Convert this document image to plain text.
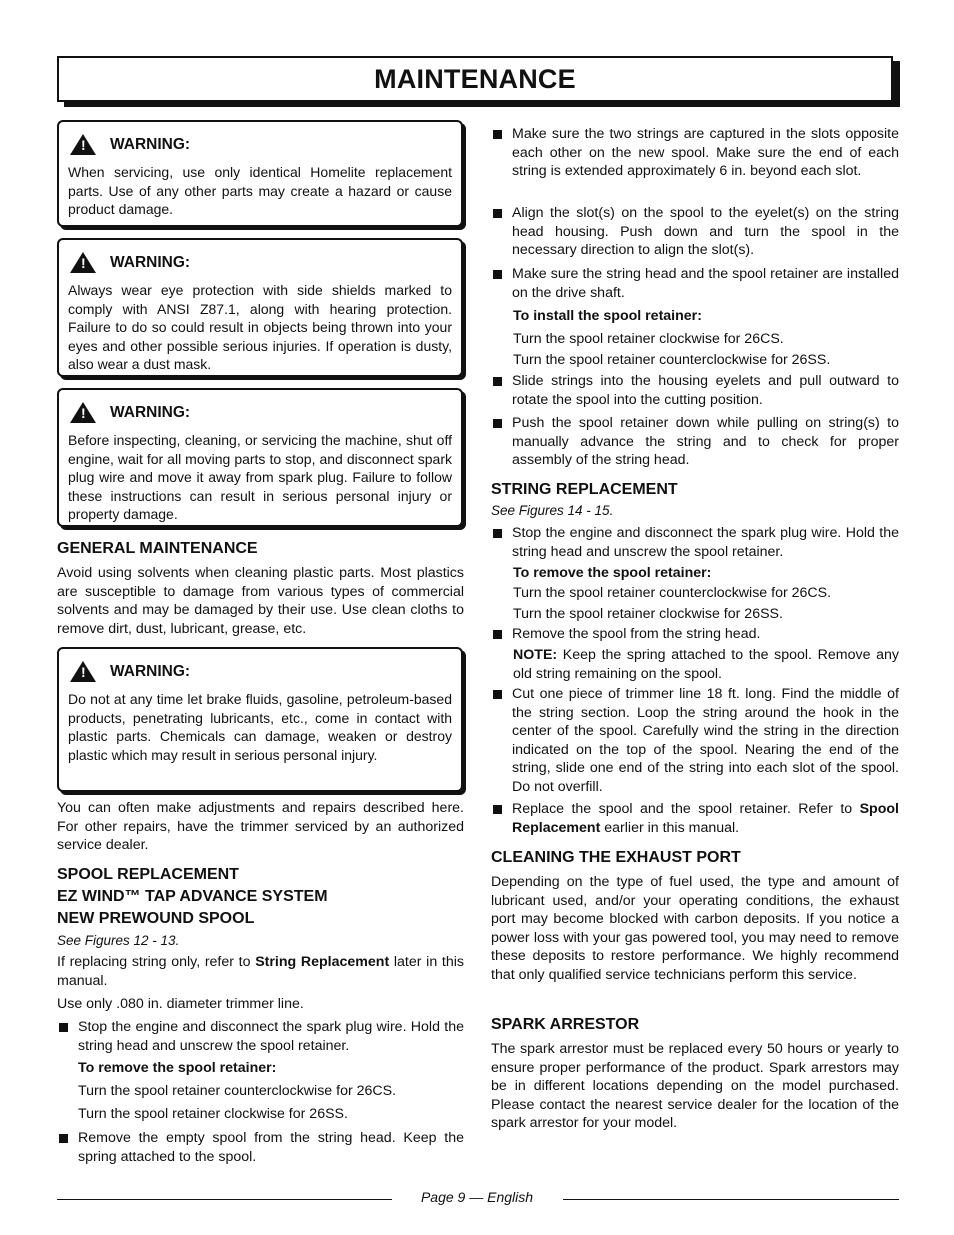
MAINTENANCE
! WARNING:

When servicing, use only identical Homelite replacement parts. Use of any other parts may create a hazard or cause product damage.

! WARNING:

Always wear eye protection with side shields marked to comply with ANSI Z87.1, along with hearing protection. Failure to do so could result in objects being thrown into your eyes and other possible serious injuries. If operation is dusty, also wear a dust mask.

! WARNING:

Before inspecting, cleaning, or servicing the machine, shut off engine, wait for all moving parts to stop, and disconnect spark plug wire and move it away from spark plug. Failure to follow these instructions can result in serious personal injury or property damage.

GENERAL MAINTENANCE

Avoid using solvents when cleaning plastic parts. Most plastics are susceptible to damage from various types of commercial solvents and may be damaged by their use. Use clean cloths to remove dirt, dust, lubricant, grease, etc.

! WARNING:

Do not at any time let brake fluids, gasoline, petroleum-based products, penetrating lubricants, etc., come in contact with plastic parts. Chemicals can damage, weaken or destroy plastic which may result in serious personal injury.

You can often make adjustments and repairs described here. For other repairs, have the trimmer serviced by an authorized service dealer.

SPOOL REPLACEMENT
EZ WIND™ TAP ADVANCE SYSTEM
NEW PREWOUND SPOOL
See Figures 12 - 13.

If replacing string only, refer to String Replacement later in this manual.

Use only .080 in. diameter trimmer line.

Stop the engine and disconnect the spark plug wire. Hold the string head and unscrew the spool retainer.
To remove the spool retainer:
Turn the spool retainer counterclockwise for 26CS.
Turn the spool retainer clockwise for 26SS.
Remove the empty spool from the string head. Keep the spring attached to the spool.
Make sure the two strings are captured in the slots opposite each other on the new spool. Make sure the end of each string is extended approximately 6 in. beyond each slot.
Align the slot(s) on the spool to the eyelet(s) on the string head housing. Push down and turn the spool in the necessary direction to align the slot(s).
Make sure the string head and the spool retainer are installed on the drive shaft.
To install the spool retainer:
Turn the spool retainer clockwise for 26CS.
Turn the spool retainer counterclockwise for 26SS.
Slide strings into the housing eyelets and pull outward to rotate the spool into the cutting position.
Push the spool retainer down while pulling on string(s) to manually advance the string and to check for proper assembly of the string head.
STRING REPLACEMENT
See Figures 14 - 15.
Stop the engine and disconnect the spark plug wire. Hold the string head and unscrew the spool retainer.
To remove the spool retainer:
Turn the spool retainer counterclockwise for 26CS.
Turn the spool retainer clockwise for 26SS.
Remove the spool from the string head.
NOTE: Keep the spring attached to the spool. Remove any old string remaining on the spool.
Cut one piece of trimmer line 18 ft. long. Find the middle of the string section. Loop the string around the hook in the center of the spool. Carefully wind the string in the direction indicated on the top of the spool. Nearing the end of the string, slide one end of the string into each slot of the spool. Do not overfill.
Replace the spool and the spool retainer. Refer to Spool Replacement earlier in this manual.
CLEANING THE EXHAUST PORT

Depending on the type of fuel used, the type and amount of lubricant used, and/or your operating conditions, the exhaust port may become blocked with carbon deposits. If you notice a power loss with your gas powered tool, you may need to remove these deposits to restore performance. We highly recommend that only qualified service technicians perform this service.

SPARK ARRESTOR

The spark arrestor must be replaced every 50 hours or yearly to ensure proper performance of the product. Spark arrestors may be in different locations depending on the model purchased. Please contact the nearest service dealer for the location of the spark arrestor for your model.

Page 9 — English
